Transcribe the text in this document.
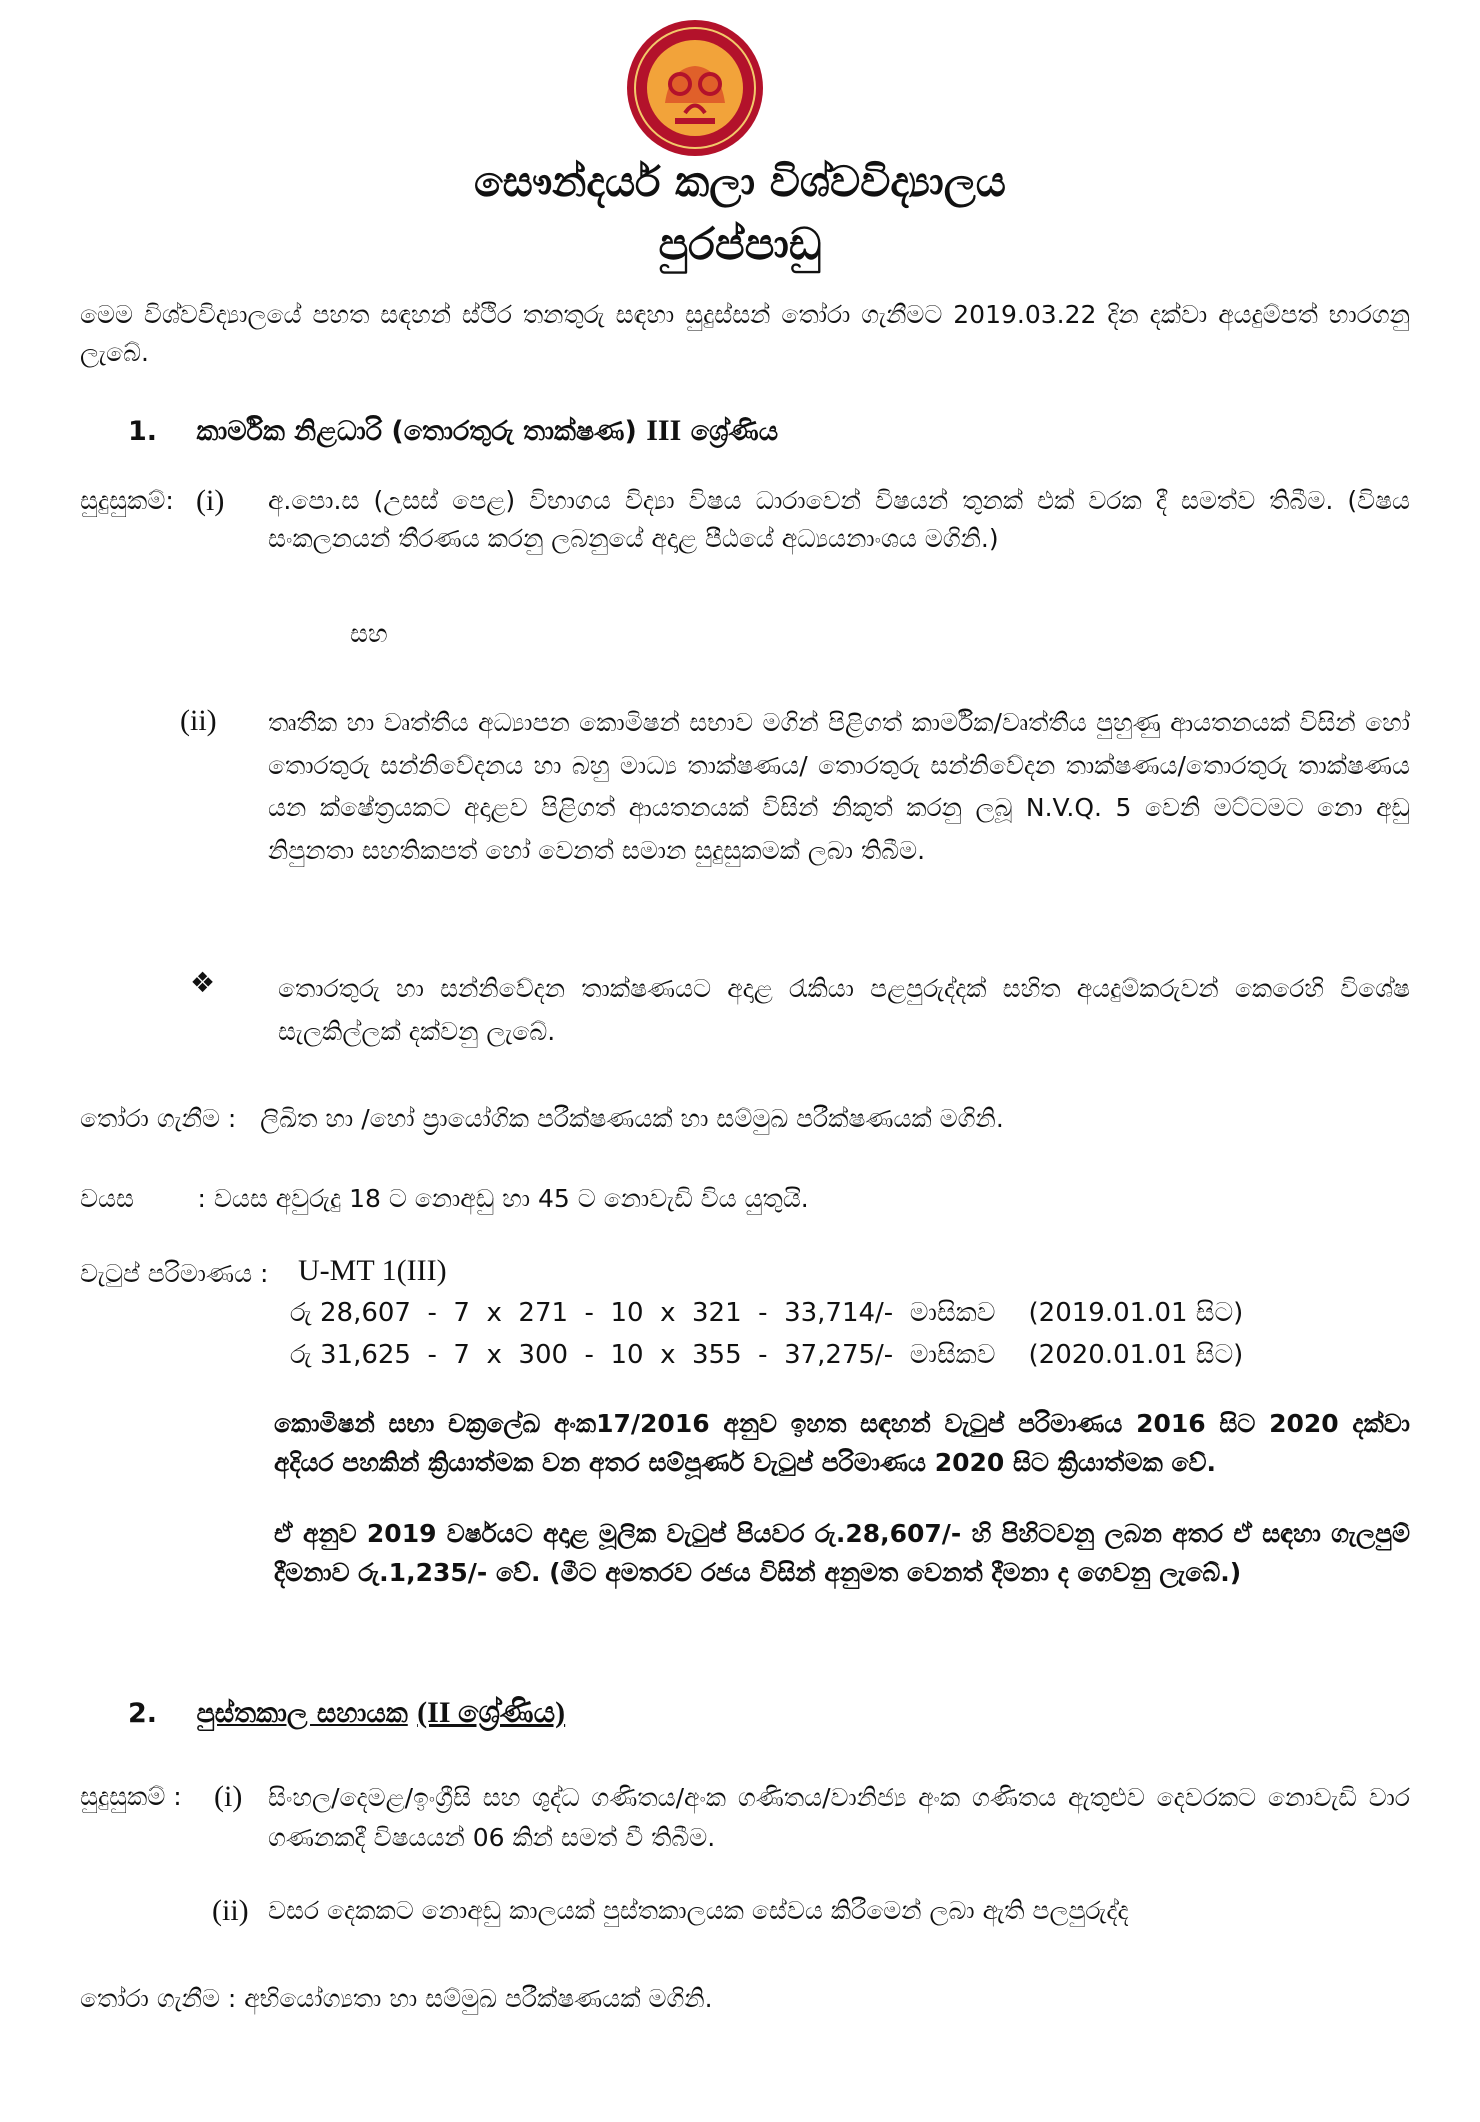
සෞන්දර්ය කලා විශ්වවිද්‍යාලය
පුරප්පාඩු
මෙම විශ්වවිද්‍යාලයේ පහත සඳහන් ස්ථිර තනතුරු සඳහා සුදුස්සන් තෝරා ගැනීමට 2019.03.22 දින දක්වා අයදුම්පත් භාරගනු ලැබේ.
1. කාර්මික නිළධාරි (තොරතුරු තාක්ෂණ) III ශ්‍රේණිය
සුදුසුකම්: (i) අ.පො.ස (උසස් පෙළ) විභාගය විද්‍යා විෂය ධාරාවෙන් විෂයන් තුනක් එක් වරක දී සමත්ව තිබීම. (විෂය සංකලනයන් තීරණය කරනු ලබනුයේ අදාළ පීඨයේ අධ්‍යයනාංශය මගිනි.)
සහ
(ii) තෘතීක හා වෘත්තීය අධ්‍යාපන කොමිෂන් සභාව මගින් පිළිගත් කාර්මික/වෘත්තීය පුහුණු ආයතනයක් විසින් හෝ තොරතුරු සන්නිවේදනය හා බහු මාධ්‍ය තාක්ෂණය/ තොරතුරු සන්නිවේදන තාක්ෂණය/තොරතුරු තාක්ෂණය යන ක්ෂේත්‍රයකට අදාළව පිළිගත් ආයතනයක් විසින් නිකුත් කරනු ලබූ N.V.Q. 5 වෙනි මට්ටමට නො අඩු නිපුනතා සහතිකපත් හෝ වෙනත් සමාන සුදුසුකමක් ලබා තිබීම.
❖	තොරතුරු හා සන්නිවේදන තාක්ෂණයට අදාළ රැකියා පළපුරුද්දක් සහිත අයදුම්කරුවන් කෙරෙහි විශේෂ සැලකිල්ලක් දක්වනු ලැබේ.
තෝරා ගැනීම :   ලිඛිත හා /හෝ ප්‍රායෝගික පරීක්ෂණයක් හා සම්මුඛ පරීක්ෂණයක් මගිනි.
වයස        : වයස අවුරුදු 18 ට නොඅඩු හා 45 ට නොවැඩි විය යුතුයි.
වැටුප් පරිමාණය : U-MT 1(III)
රු 28,607  -  7  x  271  -  10  x  321  -  33,714/-  මාසිකව    (2019.01.01 සිට)
රු 31,625  -  7  x  300  -  10  x  355  -  37,275/-  මාසිකව    (2020.01.01 සිට)
කොමිෂන් සභා චක්‍රලේඛ අංක17/2016 අනුව ඉහත සඳහන් වැටුප් පරිමාණය 2016 සිට 2020 දක්වා අදියර පහකින් ක්‍රියාත්මක වන අතර සම්පූර්ණ වැටුප් පරිමාණය 2020 සිට ක්‍රියාත්මක වේ.
ඒ අනුව 2019 වර්ෂයට අදාළ මූලික වැටුප් පියවර රු.28,607/- හි පිහිටවනු ලබන අතර ඒ සඳහා ගැලපුම් දීමනාව රු.1,235/- වේ. (මීට අමතරව රජය විසින් අනුමත වෙනත් දීමනා ද ගෙවනු ලැබේ.)
2. පුස්තකාල සහායක (II ශ්‍රේණිය)
සුදුසුකම් : (i) සිංහල/දෙමළ/ඉංග්‍රීසි සහ ශුද්ධ ගණිතය/අංක ගණිතය/වානිජ්‍ය අංක ගණිතය ඇතුළුව දෙවරකට නොවැඩි වාර ගණනකදී විෂයයන් 06 කින් සමත් වී තිබීම.
(ii) වසර දෙකකට නොඅඩු කාලයක් පුස්තකාලයක සේවය කිරීමෙන් ලබා ඇති පලපුරුද්ද
තෝරා ගැනීම : අභියෝග්‍යතා හා සම්මුඛ පරීක්ෂණයක් මගිනි.
